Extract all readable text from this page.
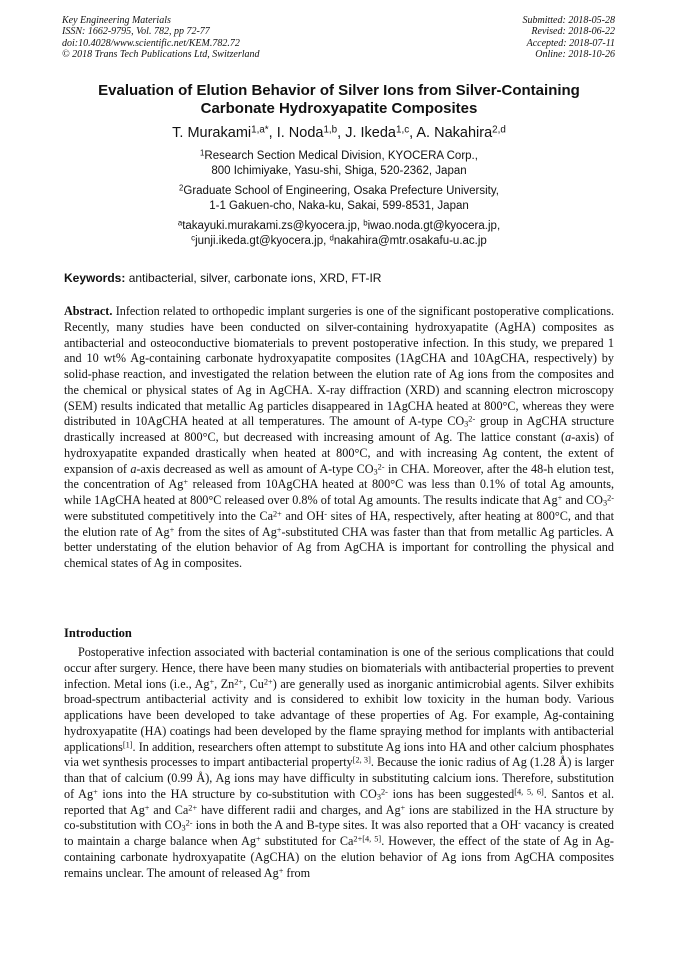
Key Engineering Materials
ISSN: 1662-9795, Vol. 782, pp 72-77
doi:10.4028/www.scientific.net/KEM.782.72
© 2018 Trans Tech Publications Ltd, Switzerland
Submitted: 2018-05-28
Revised: 2018-06-22
Accepted: 2018-07-11
Online: 2018-10-26
Evaluation of Elution Behavior of Silver Ions from Silver-Containing
Carbonate Hydroxyapatite Composites
T. Murakami$^{1,a*}$, I. Noda$^{1,b}$, J. Ikeda$^{1,c}$, A. Nakahira$^{2,d}$
$^1$Research Section Medical Division, KYOCERA Corp.,
800 Ichimiyake, Yasu-shi, Shiga, 520-2362, Japan
$^2$Graduate School of Engineering, Osaka Prefecture University,
1-1 Gakuen-cho, Naka-ku, Sakai, 599-8531, Japan
$^a$takayuki.murakami.zs@kyocera.jp, $^b$iwao.noda.gt@kyocera.jp,
$^c$junji.ikeda.gt@kyocera.jp, $^d$nakahira@mtr.osakafu-u.ac.jp
Keywords: antibacterial, silver, carbonate ions, XRD, FT-IR
Abstract. Infection related to orthopedic implant surgeries is one of the significant postoperative complications. Recently, many studies have been conducted on silver-containing hydroxyapatite (AgHA) composites as antibacterial and osteoconductive biomaterials to prevent postoperative infection. In this study, we prepared 1 and 10 wt% Ag-containing carbonate hydroxyapatite composites (1AgCHA and 10AgCHA, respectively) by solid-phase reaction, and investigated the relation between the elution rate of Ag ions from the composites and the chemical or physical states of Ag in AgCHA. X-ray diffraction (XRD) and scanning electron microscopy (SEM) results indicated that metallic Ag particles disappeared in 1AgCHA heated at 800°C, whereas they were distributed in 10AgCHA heated at all temperatures. The amount of A-type $CO_3^{2-}$ group in AgCHA structure drastically increased at 800°C, but decreased with increasing amount of Ag. The lattice constant (a-axis) of hydroxyapatite expanded drastically when heated at 800°C, and with increasing Ag content, the extent of expansion of a-axis decreased as well as amount of A-type $CO_3^{2-}$ in CHA. Moreover, after the 48-h elution test, the concentration of Ag+ released from 10AgCHA heated at 800°C was less than 0.1% of total Ag amounts, while 1AgCHA heated at 800°C released over 0.8% of total Ag amounts. The results indicate that Ag+ and $CO_3^{2-}$ were substituted competitively into the $Ca^{2+}$ and OH- sites of HA, respectively, after heating at 800°C, and that the elution rate of Ag+ from the sites of Ag+-substituted CHA was faster than that from metallic Ag particles. A better understating of the elution behavior of Ag from AgCHA is important for controlling the physical and chemical states of Ag in composites.
Introduction
Postoperative infection associated with bacterial contamination is one of the serious complications that could occur after surgery. Hence, there have been many studies on biomaterials with antibacterial properties to prevent infection. Metal ions (i.e., Ag+, $Zn^{2+}$, $Cu^{2+}$) are generally used as inorganic antimicrobial agents. Silver exhibits broad-spectrum antibacterial activity and is considered to exhibit low toxicity in the human body. Various applications have been developed to take advantage of these properties of Ag. For example, Ag-containing hydroxyapatite (HA) coatings had been developed by the flame spraying method for implants with antibacterial applications[1]. In addition, researchers often attempt to substitute Ag ions into HA and other calcium phosphates via wet synthesis processes to impart antibacterial property[2, 3]. Because the ionic radius of Ag (1.28 Å) is larger than that of calcium (0.99 Å), Ag ions may have difficulty in substituting calcium ions. Therefore, substitution of Ag+ ions into the HA structure by co-substitution with $CO_3^{2-}$ ions has been suggested[4, 5, 6]. Santos et al. reported that Ag+ and $Ca^{2+}$ have different radii and charges, and Ag+ ions are stabilized in the HA structure by co-substitution with $CO_3^{2-}$ ions in both the A and B-type sites. It was also reported that a OH- vacancy is created to maintain a charge balance when Ag+ substituted for $Ca^{2+[4, 5]}$. However, the effect of the state of Ag in Ag-containing carbonate hydroxyapatite (AgCHA) on the elution behavior of Ag ions from AgCHA composites remains unclear. The amount of released Ag+ from
